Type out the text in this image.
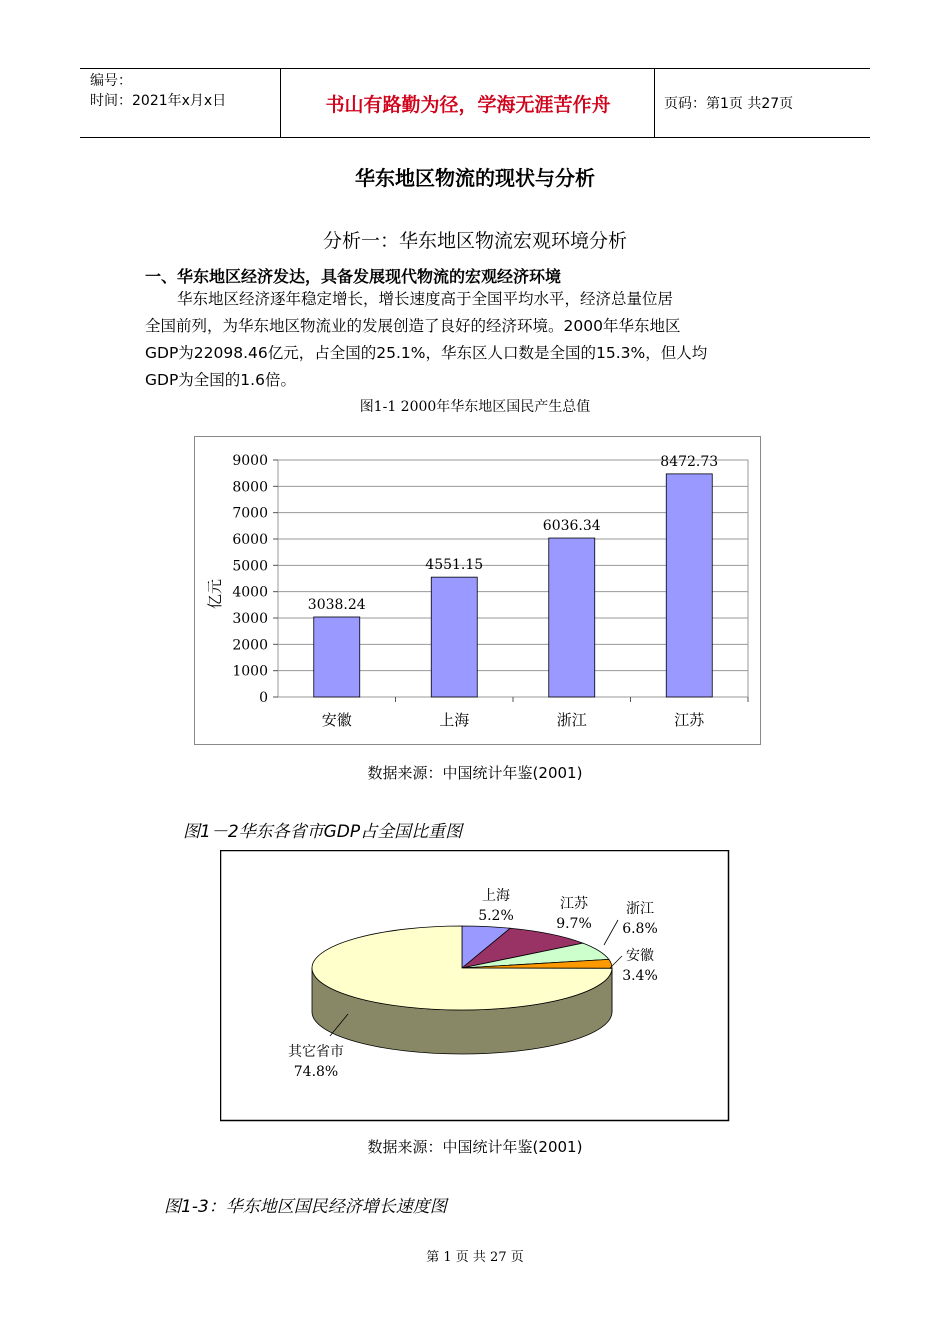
编号：
时间：2021年x月x日	书山有路勤为径，学海无涯苦作舟	页码：第1页 共27页
华东地区物流的现状与分析
分析一：华东地区物流宏观环境分析
一、华东地区经济发达，具备发展现代物流的宏观经济环境

华东地区经济逐年稳定增长，增长速度高于全国平均水平，经济总量位居

全国前列，为华东地区物流业的发展创造了良好的经济环境。2000年华东地区

GDP为22098.46亿元，占全国的25.1%，华东区人口数是全国的15.3%，但人均

GDP为全国的1.6倍。

图1-1 2000年华东地区国民产生总值
0
1000
2000
3000
4000
5000
6000
7000
8000
9000
3038.24
4551.15
6036.34
8472.73
安徽	上海	浙江	江苏
亿元
数据来源：中国统计年鉴(2001)
图1－2华东各省市GDP占全国比重图
上海
5.2%
江苏
9.7%
浙江
6.8%
安徽
3.4%
其它省市
74.8%
数据来源：中国统计年鉴(2001)
图1-3：华东地区国民经济增长速度图
第 1 页 共 27 页
